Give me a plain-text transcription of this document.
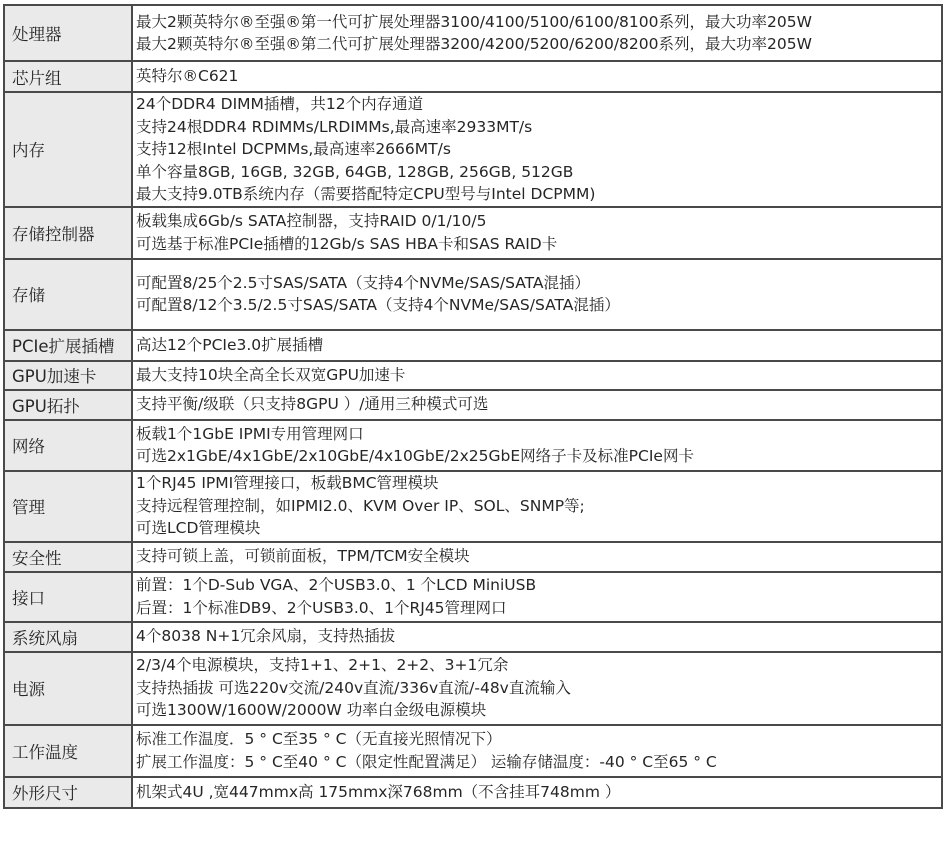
处理器	最大2颗英特尔®至强®第一代可扩展处理器3100/4100/5100/6100/8100系列，最大功率205W
最大2颗英特尔®至强®第二代可扩展处理器3200/4200/5200/6200/8200系列，最大功率205W

芯片组	英特尔®C621

内存	24个DDR4 DIMM插槽，共12个内存通道
支持24根DDR4 RDIMMs/LRDIMMs,最高速率2933MT/s
支持12根Intel DCPMMs,最高速率2666MT/s
单个容量8GB, 16GB, 32GB, 64GB, 128GB, 256GB, 512GB
最大支持9.0TB系统内存（需要搭配特定CPU型号与Intel DCPMM)

存储控制器	板载集成6Gb/s SATA控制器，支持RAID 0/1/10/5
可选基于标准PCIe插槽的12Gb/s SAS HBA卡和SAS RAID卡

存储	可配置8/25个2.5寸SAS/SATA（支持4个NVMe/SAS/SATA混插）
可配置8/12个3.5/2.5寸SAS/SATA（支持4个NVMe/SAS/SATA混插）

PCIe扩展插槽	高达12个PCIe3.0扩展插槽

GPU加速卡	最大支持10块全高全长双宽GPU加速卡

GPU拓扑	支持平衡/级联（只支持8GPU ）/通用三种模式可选

网络	板载1个1GbE IPMI专用管理网口
可选2x1GbE/4x1GbE/2x10GbE/4x10GbE/2x25GbE网络子卡及标准PCIe网卡

管理	1个RJ45 IPMI管理接口，板载BMC管理模块
支持远程管理控制，如IPMI2.0、KVM Over IP、SOL、SNMP等;
可选LCD管理模块

安全性	支持可锁上盖，可锁前面板，TPM/TCM安全模块

接口	前置：1个D-Sub VGA、2个USB3.0、1 个LCD MiniUSB
后置：1个标准DB9、2个USB3.0、1个RJ45管理网口

系统风扇	4个8038 N+1冗余风扇，支持热插拔

电源	2/3/4个电源模块，支持1+1、2+1、2+2、3+1冗余
支持热插拔 可选220v交流/240v直流/336v直流/-48v直流输入
可选1300W/1600W/2000W 功率白金级电源模块

工作温度	标准工作温度．5 ° C至35 ° C（无直接光照情况下）
扩展工作温度：5 ° C至40 ° C（限定性配置满足） 运输存储温度：-40 ° C至65 ° C

外形尺寸	机架式4U ,宽447mmx高 175mmx深768mm（不含挂耳748mm ）
